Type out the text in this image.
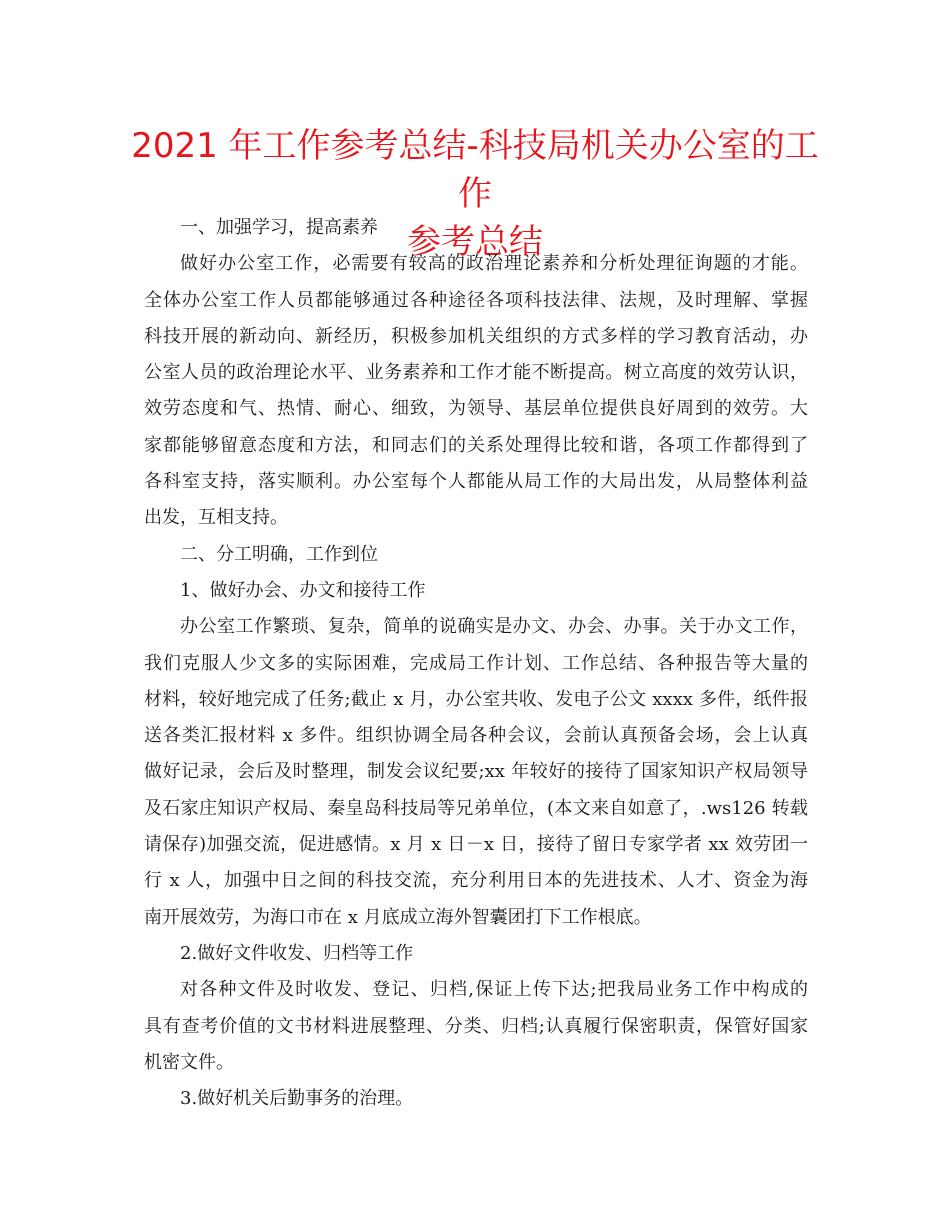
2021 年工作参考总结-科技局机关办公室的工作
参考总结
一、加强学习，提高素养
做好办公室工作，必需要有较高的政治理论素养和分析处理征询题的才能。
全体办公室工作人员都能够通过各种途径各项科技法律、法规，及时理解、掌握
科技开展的新动向、新经历，积极参加机关组织的方式多样的学习教育活动，办
公室人员的政治理论水平、业务素养和工作才能不断提高。树立高度的效劳认识，
效劳态度和气、热情、耐心、细致，为领导、基层单位提供良好周到的效劳。大
家都能够留意态度和方法，和同志们的关系处理得比较和谐，各项工作都得到了
各科室支持，落实顺利。办公室每个人都能从局工作的大局出发，从局整体利益
出发，互相支持。
二、分工明确，工作到位
1、做好办会、办文和接待工作
办公室工作繁琐、复杂，简单的说确实是办文、办会、办事。关于办文工作，
我们克服人少文多的实际困难，完成局工作计划、工作总结、各种报告等大量的
材料，较好地完成了任务;截止 x 月，办公室共收、发电子公文 xxxx 多件，纸件报
送各类汇报材料 x 多件。组织协调全局各种会议，会前认真预备会场，会上认真
做好记录，会后及时整理，制发会议纪要;xx 年较好的接待了国家知识产权局领导
及石家庄知识产权局、秦皇岛科技局等兄弟单位，(本文来自如意了，.ws126 转载
请保存)加强交流，促进感情。x 月 x 日－x 日，接待了留日专家学者 xx 效劳团一
行 x 人，加强中日之间的科技交流，充分利用日本的先进技术、人才、资金为海
南开展效劳，为海口市在 x 月底成立海外智囊团打下工作根底。
2.做好文件收发、归档等工作
对各种文件及时收发、登记、归档,保证上传下达;把我局业务工作中构成的
具有查考价值的文书材料进展整理、分类、归档;认真履行保密职责，保管好国家
机密文件。
3.做好机关后勤事务的治理。
